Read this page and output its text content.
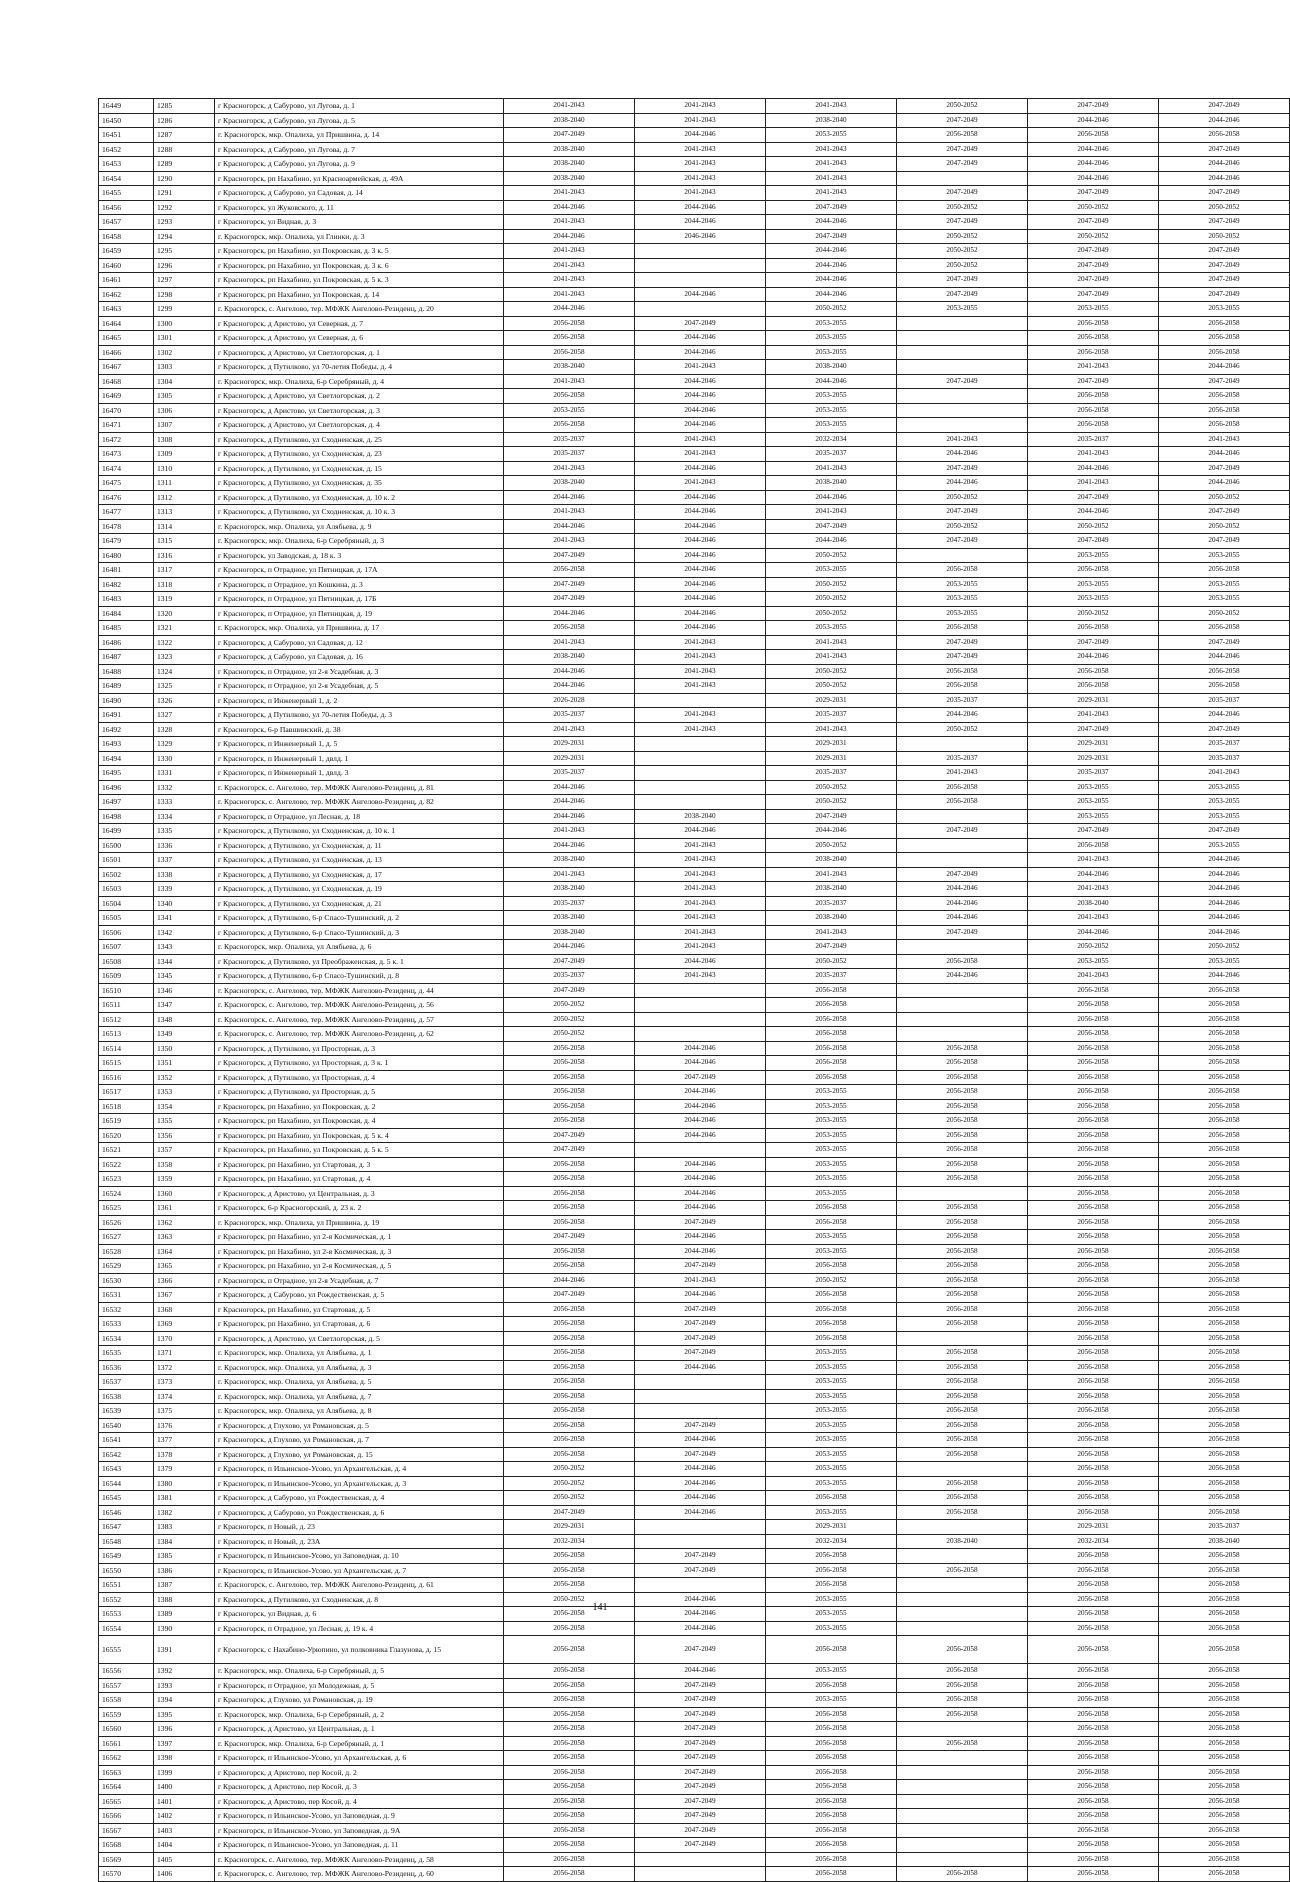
16449	1285	г Красногорск, д Сабурово, ул Лугова, д. 1	2041-2043	2041-2043	2041-2043	2050-2052	2047-2049	2047-2049
16450	1286	г Красногорск, д Сабурово, ул Лугова, д. 5	2038-2040	2041-2043	2038-2040	2047-2049	2044-2046	2044-2046
16451	1287	г. Красногорск, мкр. Опалиха, ул Пришвина, д. 14	2047-2049	2044-2046	2053-2055	2056-2058	2056-2058	2056-2058
16452	1288	г Красногорск, д Сабурово, ул Лугова, д. 7	2038-2040	2041-2043	2041-2043	2047-2049	2044-2046	2047-2049
16453	1289	г Красногорск, д Сабурово, ул Лугова, д. 9	2038-2040	2041-2043	2041-2043	2047-2049	2044-2046	2044-2046
16454	1290	г Красногорск, рп Нахабино, ул Красноармейская, д. 49А	2038-2040	2041-2043	2041-2043		2044-2046	2044-2046
16455	1291	г Красногорск, д Сабурово, ул Садовая, д. 14	2041-2043	2041-2043	2041-2043	2047-2049	2047-2049	2047-2049
16456	1292	г Красногорск, ул Жуковского, д. 11	2044-2046	2044-2046	2047-2049	2050-2052	2050-2052	2050-2052
16457	1293	г Красногорск, ул Видная, д. 3	2041-2043	2044-2046	2044-2046	2047-2049	2047-2049	2047-2049
16458	1294	г. Красногорск, мкр. Опалиха, ул Глинки, д. 3	2044-2046	2046-2046	2047-2049	2050-2052	2050-2052	2050-2052
16459	1295	г Красногорск, рп Нахабино, ул Покровская, д. 3 к. 5	2041-2043		2044-2046	2050-2052	2047-2049	2047-2049
16460	1296	г Красногорск, рп Нахабино, ул Покровская, д. 3 к. 6	2041-2043		2044-2046	2050-2052	2047-2049	2047-2049
16461	1297	г Красногорск, рп Нахабино, ул Покровская, д. 5 к. 3	2041-2043		2044-2046	2047-2049	2047-2049	2047-2049
16462	1298	г Красногорск, рп Нахабино, ул Покровская, д. 14	2041-2043	2044-2046	2044-2046	2047-2049	2047-2049	2047-2049
16463	1299	г. Красногорск, с. Ангелово, тер. МФЖК Ангелово-Резиденц, д. 20	2044-2046		2050-2052	2053-2055	2053-2055	2053-2055
16464	1300	г Красногорск, д Аристово, ул Северная, д. 7	2056-2058	2047-2049	2053-2055		2056-2058	2056-2058
16465	1301	г Красногорск, д Аристово, ул Северная, д. 6	2056-2058	2044-2046	2053-2055		2056-2058	2056-2058
16466	1302	г Красногорск, д Аристово, ул Светлогорская, д. 1	2056-2058	2044-2046	2053-2055		2056-2058	2056-2058
16467	1303	г Красногорск, д Путилково, ул 70-летия Победы, д. 4	2038-2040	2041-2043	2038-2040		2041-2043	2044-2046
16468	1304	г. Красногорск, мкр. Опалиха, 6-р Серебряный, д. 4	2041-2043	2044-2046	2044-2046	2047-2049	2047-2049	2047-2049
16469	1305	г Красногорск, д Аристово, ул Светлогорская, д. 2	2056-2058	2044-2046	2053-2055		2056-2058	2056-2058
16470	1306	г Красногорск, д Аристово, ул Светлогорская, д. 3	2053-2055	2044-2046	2053-2055		2056-2058	2056-2058
16471	1307	г Красногорск, д Аристово, ул Светлогорская, д. 4	2056-2058	2044-2046	2053-2055		2056-2058	2056-2058
16472	1308	г Красногорск, д Путилково, ул Сходненская, д. 25	2035-2037	2041-2043	2032-2034	2041-2043	2035-2037	2041-2043
16473	1309	г Красногорск, д Путилково, ул Сходненская, д. 23	2035-2037	2041-2043	2035-2037	2044-2046	2041-2043	2044-2046
16474	1310	г Красногорск, д Путилково, ул Сходненская, д. 15	2041-2043	2044-2046	2041-2043	2047-2049	2044-2046	2047-2049
16475	1311	г Красногорск, д Путилково, ул Сходненская, д. 35	2038-2040	2041-2043	2038-2040	2044-2046	2041-2043	2044-2046
16476	1312	г Красногорск, д Путилково, ул Сходненская, д. 10 к. 2	2044-2046	2044-2046	2044-2046	2050-2052	2047-2049	2050-2052
16477	1313	г Красногорск, д Путилково, ул Сходненская, д. 10 к. 3	2041-2043	2044-2046	2041-2043	2047-2049	2044-2046	2047-2049
16478	1314	г. Красногорск, мкр. Опалиха, ул Алябьева, д. 9	2044-2046	2044-2046	2047-2049	2050-2052	2050-2052	2050-2052
16479	1315	г. Красногорск, мкр. Опалиха, 6-р Серебряный, д. 3	2041-2043	2044-2046	2044-2046	2047-2049	2047-2049	2047-2049
16480	1316	г Красногорск, ул Заводская, д. 18 к. 3	2047-2049	2044-2046	2050-2052		2053-2055	2053-2055
16481	1317	г Красногорск, п Отрадное, ул Пятницкая, д. 17А	2056-2058	2044-2046	2053-2055	2056-2058	2056-2058	2056-2058
16482	1318	г Красногорск, п Отрадное, ул Кошкина, д. 3	2047-2049	2044-2046	2050-2052	2053-2055	2053-2055	2053-2055
16483	1319	г Красногорск, п Отрадное, ул Пятницкая, д. 17Б	2047-2049	2044-2046	2050-2052	2053-2055	2053-2055	2053-2055
16484	1320	г Красногорск, п Отрадное, ул Пятницкая, д. 19	2044-2046	2044-2046	2050-2052	2053-2055	2050-2052	2050-2052
16485	1321	г. Красногорск, мкр. Опалиха, ул Пришвина, д. 17	2056-2058	2044-2046	2053-2055	2056-2058	2056-2058	2056-2058
16486	1322	г Красногорск, д Сабурово, ул Садовая, д. 12	2041-2043	2041-2043	2041-2043	2047-2049	2047-2049	2047-2049
16487	1323	г Красногорск, д Сабурово, ул Садовая, д. 16	2038-2040	2041-2043	2041-2043	2047-2049	2044-2046	2044-2046
16488	1324	г Красногорск, п Отрадное, ул 2-я Усадебная, д. 3	2044-2046	2041-2043	2050-2052	2056-2058	2056-2058	2056-2058
16489	1325	г Красногорск, п Отрадное, ул 2-я Усадебная, д. 5	2044-2046	2041-2043	2050-2052	2056-2058	2056-2058	2056-2058
16490	1326	г Красногорск, п Инженерный 1, д. 2	2026-2028		2029-2031	2035-2037	2029-2031	2035-2037
16491	1327	г Красногорск, д Путилково, ул 70-летия Победы, д. 3	2035-2037	2041-2043	2035-2037	2044-2046	2041-2043	2044-2046
16492	1328	г Красногорск, 6-р Павшинский, д. 38	2041-2043	2041-2043	2041-2043	2050-2052	2047-2049	2047-2049
16493	1329	г Красногорск, п Инженерный 1, д. 5	2029-2031		2029-2031		2029-2031	2035-2037
16494	1330	г Красногорск, п Инженерный 1, двлд. 1	2029-2031		2029-2031	2035-2037	2029-2031	2035-2037
16495	1331	г Красногорск, п Инженерный 1, двлд. 3	2035-2037		2035-2037	2041-2043	2035-2037	2041-2043
16496	1332	г. Красногорск, с. Ангелово, тер. МФЖК Ангелово-Резиденц, д. 81	2044-2046		2050-2052	2056-2058	2053-2055	2053-2055
16497	1333	г. Красногорск, с. Ангелово, тер. МФЖК Ангелово-Резиденц, д. 82	2044-2046		2050-2052	2056-2058	2053-2055	2053-2055
16498	1334	г Красногорск, п Отрадное, ул Лесная, д. 18	2044-2046	2038-2040	2047-2049		2053-2055	2053-2055
16499	1335	г Красногорск, д Путилково, ул Сходненская, д. 10 к. 1	2041-2043	2044-2046	2044-2046	2047-2049	2047-2049	2047-2049
16500	1336	г Красногорск, д Путилково, ул Сходненская, д. 11	2044-2046	2041-2043	2050-2052		2056-2058	2053-2055
16501	1337	г Красногорск, д Путилково, ул Сходненская, д. 13	2038-2040	2041-2043	2038-2040		2041-2043	2044-2046
16502	1338	г Красногорск, д Путилково, ул Сходненская, д. 17	2041-2043	2041-2043	2041-2043	2047-2049	2044-2046	2044-2046
16503	1339	г Красногорск, д Путилково, ул Сходненская, д. 19	2038-2040	2041-2043	2038-2040	2044-2046	2041-2043	2044-2046
16504	1340	г Красногорск, д Путилково, ул Сходненская, д. 21	2035-2037	2041-2043	2035-2037	2044-2046	2038-2040	2044-2046
16505	1341	г Красногорск, д Путилково, 6-р Спасо-Тушинский, д. 2	2038-2040	2041-2043	2038-2040	2044-2046	2041-2043	2044-2046
16506	1342	г Красногорск, д Путилково, 6-р Спасо-Тушинский, д. 3	2038-2040	2041-2043	2041-2043	2047-2049	2044-2046	2044-2046
16507	1343	г. Красногорск, мкр. Опалиха, ул Алябьева, д. 6	2044-2046	2041-2043	2047-2049		2050-2052	2050-2052
16508	1344	г Красногорск, д Путилково, ул Преображенская, д. 5 к. 1	2047-2049	2044-2046	2050-2052	2056-2058	2053-2055	2053-2055
16509	1345	г Красногорск, д Путилково, 6-р Спасо-Тушинский, д. 8	2035-2037	2041-2043	2035-2037	2044-2046	2041-2043	2044-2046
16510	1346	г. Красногорск, с. Ангелово, тер. МФЖК Ангелово-Резиденц, д. 44	2047-2049		2056-2058		2056-2058	2056-2058
16511	1347	г. Красногорск, с. Ангелово, тер. МФЖК Ангелово-Резиденц, д. 56	2050-2052		2056-2058		2056-2058	2056-2058
16512	1348	г. Красногорск, с. Ангелово, тер. МФЖК Ангелово-Резиденц, д. 57	2050-2052		2056-2058		2056-2058	2056-2058
16513	1349	г. Красногорск, с. Ангелово, тер. МФЖК Ангелово-Резиденц, д. 62	2050-2052		2056-2058		2056-2058	2056-2058
16514	1350	г Красногорск, д Путилково, ул Просторная, д. 3	2056-2058	2044-2046	2056-2058	2056-2058	2056-2058	2056-2058
16515	1351	г Красногорск, д Путилково, ул Просторная, д. 3 к. 1	2056-2058	2044-2046	2056-2058	2056-2058	2056-2058	2056-2058
16516	1352	г Красногорск, д Путилково, ул Просторная, д. 4	2056-2058	2047-2049	2056-2058	2056-2058	2056-2058	2056-2058
16517	1353	г Красногорск, д Путилково, ул Просторная, д. 5	2056-2058	2044-2046	2053-2055	2056-2058	2056-2058	2056-2058
16518	1354	г Красногорск, рп Нахабино, ул Покровская, д. 2	2056-2058	2044-2046	2053-2055	2056-2058	2056-2058	2056-2058
16519	1355	г Красногорск, рп Нахабино, ул Покровская, д. 4	2056-2058	2044-2046	2053-2055	2056-2058	2056-2058	2056-2058
16520	1356	г Красногорск, рп Нахабино, ул Покровская, д. 5 к. 4	2047-2049	2044-2046	2053-2055	2056-2058	2056-2058	2056-2058
16521	1357	г Красногорск, рп Нахабино, ул Покровская, д. 5 к. 5	2047-2049		2053-2055	2056-2058	2056-2058	2056-2058
16522	1358	г Красногорск, рп Нахабино, ул Стартовая, д. 3	2056-2058	2044-2046	2053-2055	2056-2058	2056-2058	2056-2058
16523	1359	г Красногорск, рп Нахабино, ул Стартовая, д. 4	2056-2058	2044-2046	2053-2055	2056-2058	2056-2058	2056-2058
16524	1360	г Красногорск, д Аристово, ул Центральная, д. 3	2056-2058	2044-2046	2053-2055		2056-2058	2056-2058
16525	1361	г Красногорск, 6-р Красногорский, д. 23 к. 2	2056-2058	2044-2046	2056-2058	2056-2058	2056-2058	2056-2058
16526	1362	г. Красногорск, мкр. Опалиха, ул Пришвина, д. 19	2056-2058	2047-2049	2056-2058	2056-2058	2056-2058	2056-2058
16527	1363	г Красногорск, рп Нахабино, ул 2-я Космическая, д. 1	2047-2049	2044-2046	2053-2055	2056-2058	2056-2058	2056-2058
16528	1364	г Красногорск, рп Нахабино, ул 2-я Космическая, д. 3	2056-2058	2044-2046	2053-2055	2056-2058	2056-2058	2056-2058
16529	1365	г Красногорск, рп Нахабино, ул 2-я Космическая, д. 5	2056-2058	2047-2049	2056-2058	2056-2058	2056-2058	2056-2058
16530	1366	г Красногорск, п Отрадное, ул 2-я Усадебная, д. 7	2044-2046	2041-2043	2050-2052	2056-2058	2056-2058	2056-2058
16531	1367	г Красногорск, д Сабурово, ул Рождественская, д. 5	2047-2049	2044-2046	2056-2058	2056-2058	2056-2058	2056-2058
16532	1368	г Красногорск, рп Нахабино, ул Стартовая, д. 5	2056-2058	2047-2049	2056-2058	2056-2058	2056-2058	2056-2058
16533	1369	г Красногорск, рп Нахабино, ул Стартовая, д. 6	2056-2058	2047-2049	2056-2058	2056-2058	2056-2058	2056-2058
16534	1370	г Красногорск, д Аристово, ул Светлогорская, д. 5	2056-2058	2047-2049	2056-2058		2056-2058	2056-2058
16535	1371	г. Красногорск, мкр. Опалиха, ул Алябьева, д. 1	2056-2058	2047-2049	2053-2055	2056-2058	2056-2058	2056-2058
16536	1372	г. Красногорск, мкр. Опалиха, ул Алябьева, д. 3	2056-2058	2044-2046	2053-2055	2056-2058	2056-2058	2056-2058
16537	1373	г. Красногорск, мкр. Опалиха, ул Алябьева, д. 5	2056-2058		2053-2055	2056-2058	2056-2058	2056-2058
16538	1374	г. Красногорск, мкр. Опалиха, ул Алябьева, д. 7	2056-2058		2053-2055	2056-2058	2056-2058	2056-2058
16539	1375	г. Красногорск, мкр. Опалиха, ул Алябьева, д. 8	2056-2058		2053-2055	2056-2058	2056-2058	2056-2058
16540	1376	г Красногорск, д Глухово, ул Романовская, д. 5	2056-2058	2047-2049	2053-2055	2056-2058	2056-2058	2056-2058
16541	1377	г Красногорск, д Глухово, ул Романовская, д. 7	2056-2058	2044-2046	2053-2055	2056-2058	2056-2058	2056-2058
16542	1378	г Красногорск, д Глухово, ул Романовская, д. 15	2056-2058	2047-2049	2053-2055	2056-2058	2056-2058	2056-2058
16543	1379	г Красногорск, п Ильинское-Усово, ул Архангельская, д. 4	2050-2052	2044-2046	2053-2055		2056-2058	2056-2058
16544	1380	г Красногорск, п Ильинское-Усово, ул Архангельская, д. 3	2050-2052	2044-2046	2053-2055	2056-2058	2056-2058	2056-2058
16545	1381	г Красногорск, д Сабурово, ул Рождественская, д. 4	2050-2052	2044-2046	2056-2058	2056-2058	2056-2058	2056-2058
16546	1382	г Красногорск, д Сабурово, ул Рождественская, д. 6	2047-2049	2044-2046	2053-2055	2056-2058	2056-2058	2056-2058
16547	1383	г Красногорск, п Новый, д. 23	2029-2031		2029-2031		2029-2031	2035-2037
16548	1384	г Красногорск, п Новый, д. 23А	2032-2034		2032-2034	2038-2040	2032-2034	2038-2040
16549	1385	г Красногорск, п Ильинское-Усово, ул Заповедная, д. 10	2056-2058	2047-2049	2056-2058		2056-2058	2056-2058
16550	1386	г Красногорск, п Ильинское-Усово, ул Архангельская, д. 7	2056-2058	2047-2049	2056-2058	2056-2058	2056-2058	2056-2058
16551	1387	г. Красногорск, с. Ангелово, тер. МФЖК Ангелово-Резиденц, д. 61	2056-2058		2056-2058		2056-2058	2056-2058
16552	1388	г Красногорск, д Путилково, ул Сходненская, д. 8	2050-2052	2044-2046	2053-2055		2056-2058	2056-2058
16553	1389	г Красногорск, ул Видная, д. 6	2056-2058	2044-2046	2053-2055		2056-2058	2056-2058
16554	1390	г Красногорск, п Отрадное, ул Лесная, д. 19 к. 4	2056-2058	2044-2046	2053-2055		2056-2058	2056-2058
16555	1391	г Красногорск, с Нахабино-Урюпино, ул полковника Глазунова, д. 15	2056-2058	2047-2049	2056-2058	2056-2058	2056-2058	2056-2058
16556	1392	г. Красногорск, мкр. Опалиха, 6-р Серебряный, д. 5	2056-2058	2044-2046	2053-2055	2056-2058	2056-2058	2056-2058
16557	1393	г Красногорск, п Отрадное, ул Молодежная, д. 5	2056-2058	2047-2049	2056-2058	2056-2058	2056-2058	2056-2058
16558	1394	г Красногорск, д Глухово, ул Романовская, д. 19	2056-2058	2047-2049	2053-2055	2056-2058	2056-2058	2056-2058
16559	1395	г. Красногорск, мкр. Опалиха, 6-р Серебряный, д. 2	2056-2058	2047-2049	2056-2058	2056-2058	2056-2058	2056-2058
16560	1396	г Красногорск, д Аристово, ул Центральная, д. 1	2056-2058	2047-2049	2056-2058		2056-2058	2056-2058
16561	1397	г. Красногорск, мкр. Опалиха, 6-р Серебряный, д. 1	2056-2058	2047-2049	2056-2058	2056-2058	2056-2058	2056-2058
16562	1398	г Красногорск, п Ильинское-Усово, ул Архангельская, д. 6	2056-2058	2047-2049	2056-2058		2056-2058	2056-2058
16563	1399	г Красногорск, д Аристово, пер Косой, д. 2	2056-2058	2047-2049	2056-2058		2056-2058	2056-2058
16564	1400	г Красногорск, д Аристово, пер Косой, д. 3	2056-2058	2047-2049	2056-2058		2056-2058	2056-2058
16565	1401	г Красногорск, д Аристово, пер Косой, д. 4	2056-2058	2047-2049	2056-2058		2056-2058	2056-2058
16566	1402	г Красногорск, п Ильинское-Усово, ул Заповедная, д. 9	2056-2058	2047-2049	2056-2058		2056-2058	2056-2058
16567	1403	г Красногорск, п Ильинское-Усово, ул Заповедная, д. 9А	2056-2058	2047-2049	2056-2058		2056-2058	2056-2058
16568	1404	г Красногорск, п Ильинское-Усово, ул Заповедная, д. 11	2056-2058	2047-2049	2056-2058		2056-2058	2056-2058
16569	1405	г. Красногорск, с. Ангелово, тер. МФЖК Ангелово-Резиденц, д. 58	2056-2058		2056-2058		2056-2058	2056-2058
16570	1406	г. Красногорск, с. Ангелово, тер. МФЖК Ангелово-Резиденц, д. 60	2056-2058		2056-2058	2056-2058	2056-2058	2056-2058
141
